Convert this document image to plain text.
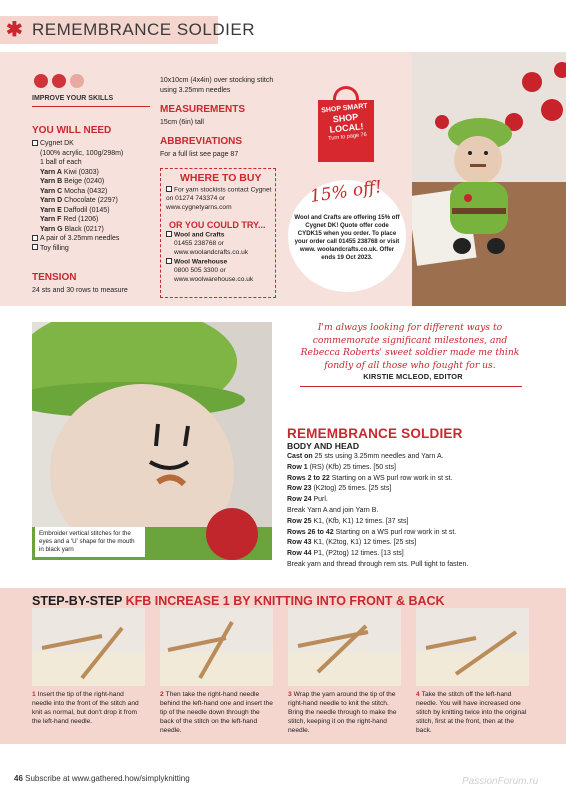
✱ REMEMBRANCE SOLDIER
IMPROVE YOUR SKILLS
YOU WILL NEED
Cygnet DK
(100% acrylic, 100g/298m)
1 ball of each
Yarn A Kiwi (0303)
Yarn B Beige (0240)
Yarn C Mocha (0432)
Yarn D Chocolate (2297)
Yarn E Daffodil (0145)
Yarn F Red (1206)
Yarn G Black (0217)
A pair of 3.25mm needles
Toy filling
TENSION
24 sts and 30 rows to measure
10x10cm (4x4in) over stocking stitch using 3.25mm needles
MEASUREMENTS
15cm (6in) tall
ABBREVIATIONS
For a full list see page 87
WHERE TO BUY
For yarn stockists contact Cygnet on 01274 743374 or www.cygnetyarns.com
OR YOU COULD TRY...
Wool and Crafts
01455 238768 or www.woolandcrafts.co.uk
Wool Warehouse
0800 505 3300 or www.woolwarehouse.co.uk
SHOP SMART
SHOP LOCAL!
Turn to page 76
15% off!
Wool and Crafts are offering 15% off Cygnet DK! Quote offer code CYDK15 when you order. To place your order call 01455 238768 or visit www. woolandcrafts.co.uk. Offer ends 19 Oct 2023.
I'm always looking for different ways to commemorate significant milestones, and Rebecca Roberts' sweet soldier made me think fondly of all those who fought for us.
KIRSTIE MCLEOD, EDITOR
Embroider vertical stitches for the eyes and a 'U' shape for the mouth in black yarn
REMEMBRANCE SOLDIER
BODY AND HEAD
Cast on 25 sts using 3.25mm needles and Yarn A.
Row 1 (RS) (Kfb) 25 times. [50 sts]
Rows 2 to 22 Starting on a WS purl row work in st st.
Row 23 (K2tog) 25 times. [25 sts]
Row 24 Purl.
Break Yarn A and join Yarn B.
Row 25 K1, (Kfb, K1) 12 times. [37 sts]
Rows 26 to 42 Starting on a WS purl row work in st st.
Row 43 K1, (K2tog, K1) 12 times. [25 sts]
Row 44 P1, (P2tog) 12 times. [13 sts]
Break yarn and thread through rem sts. Pull tight to fasten.
STEP-BY-STEP KFB INCREASE 1 BY KNITTING INTO FRONT & BACK
1 Insert the tip of the right-hand needle into the front of the stitch and knit as normal, but don't drop it from the left-hand needle.
2 Then take the right-hand needle behind the left-hand one and insert the tip of the needle down through the back of the stitch on the left-hand needle.
3 Wrap the yarn around the tip of the right-hand needle to knit the stitch. Bring the needle through to make the stitch, keeping it on the right-hand needle.
4 Take the stitch off the left-hand needle. You will have increased one stitch by knitting twice into the original stitch, first at the front, then at the back.
46 Subscribe at www.gathered.how/simplyknitting	PassionForum.ru
